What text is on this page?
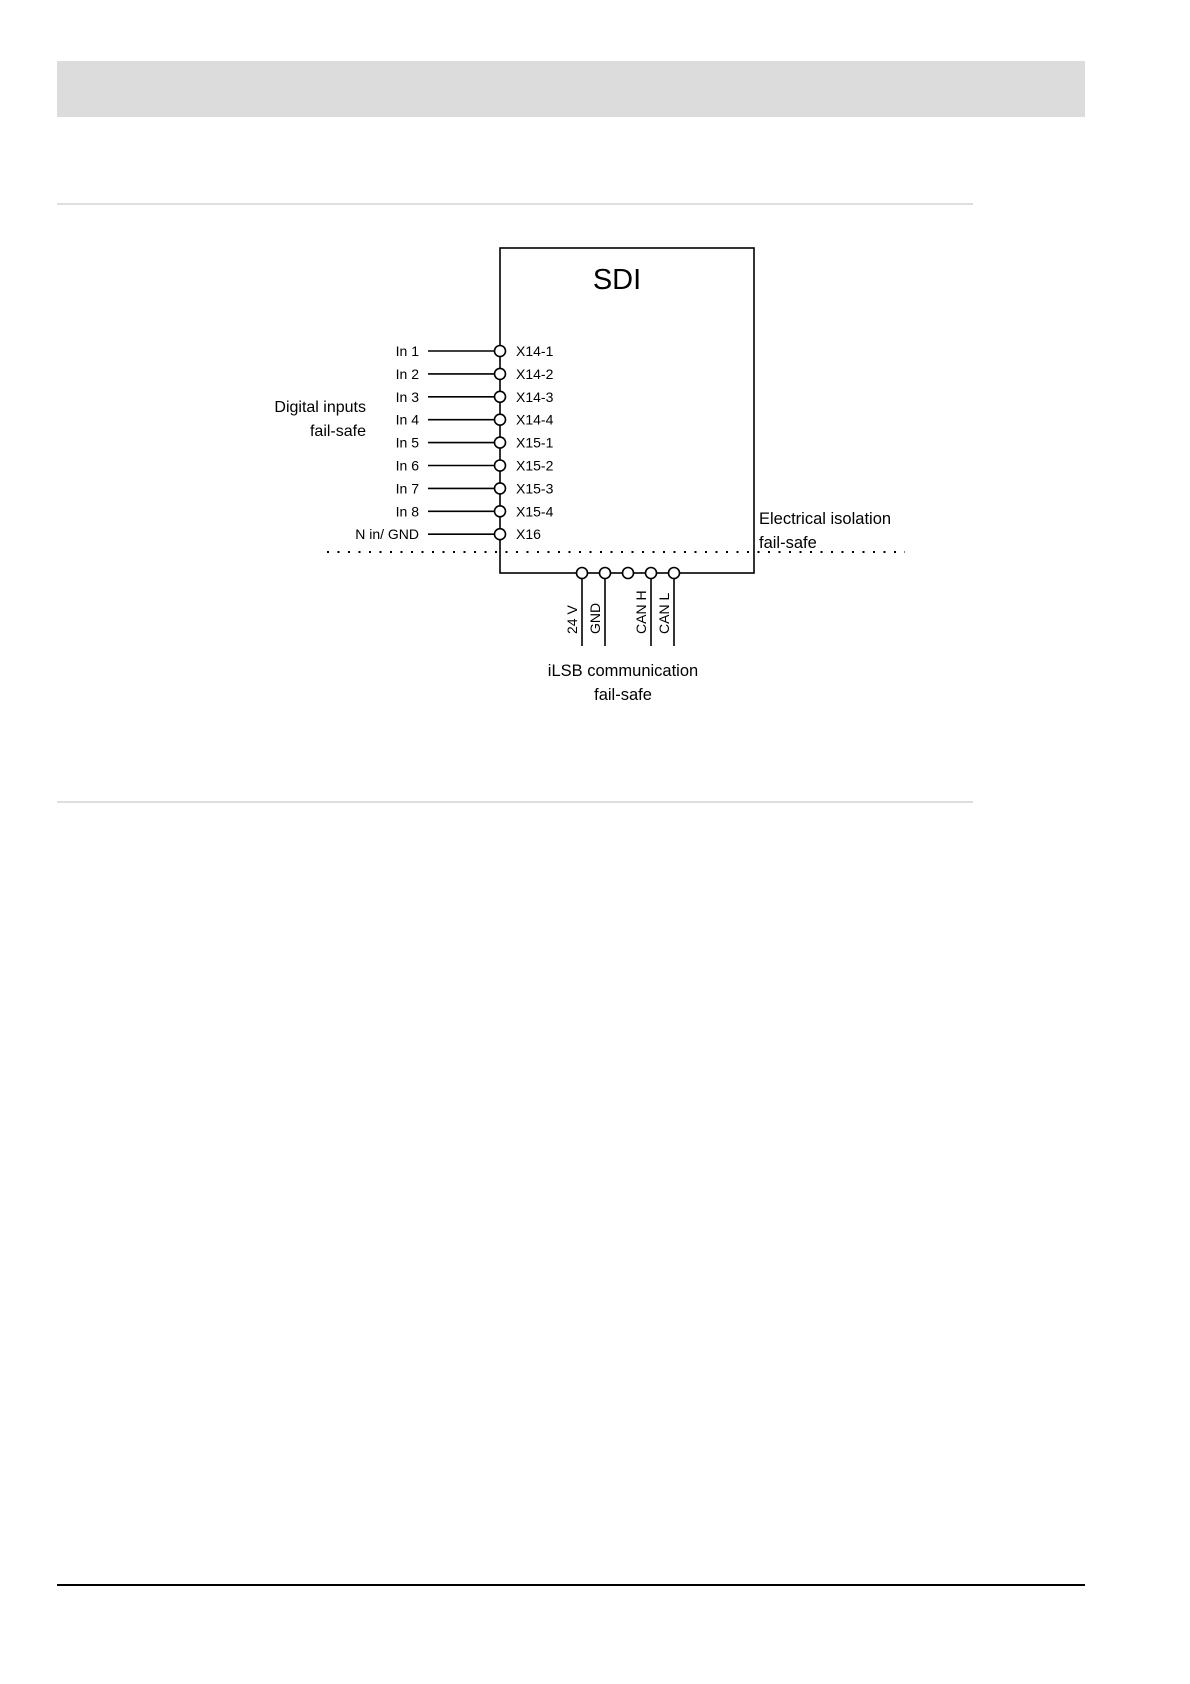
SDI
Digital inputs
fail-safe
In 1	X14-1
In 2	X14-2
In 3	X14-3
In 4	X14-4
In 5	X15-1
In 6	X15-2
In 7	X15-3
In 8	X15-4
N in/ GND	X16
Electrical isolation
fail-safe
24 V GND CAN H CAN L
iLSB communication
fail-safe
